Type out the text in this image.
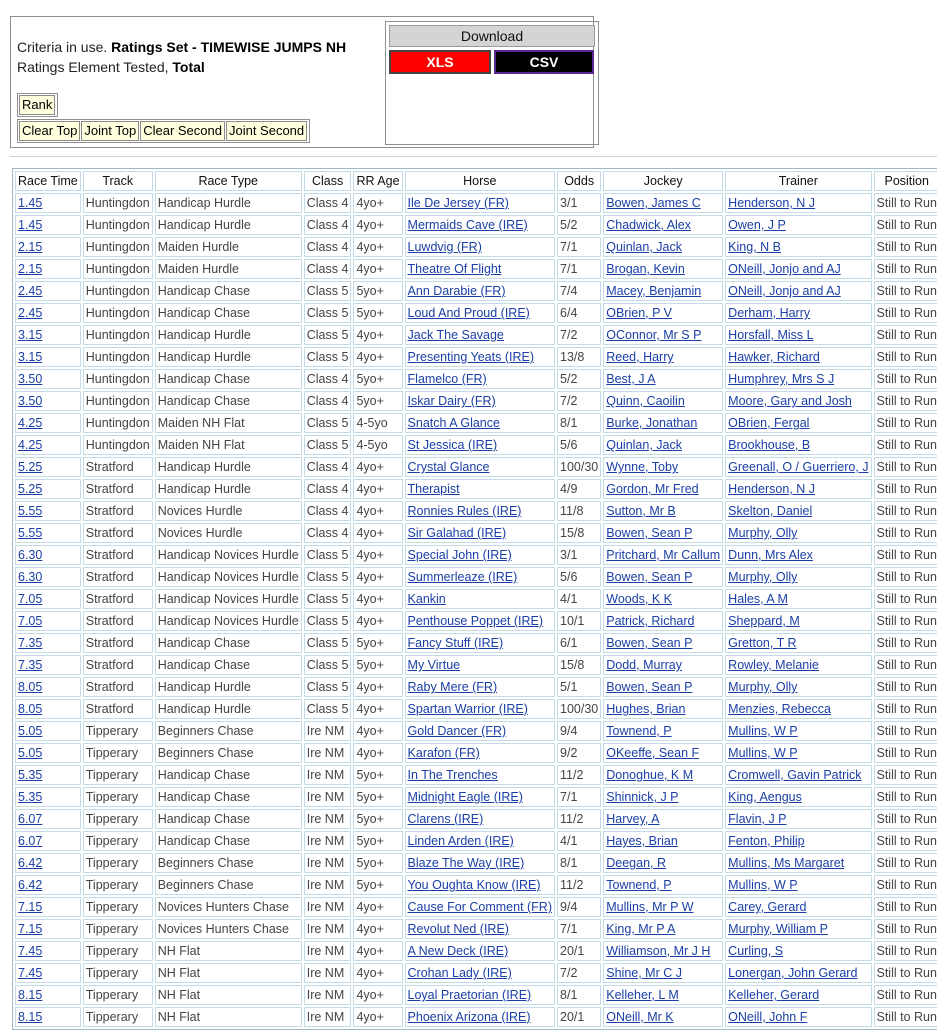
Criteria in use. Ratings Set - TIMEWISE JUMPS NH
Ratings Element Tested, Total
Rank
Clear Top Joint Top Clear Second Joint Second
Download
XLS	CSV
Race Time	Track	Race Type	Class	RR Age	Horse	Odds	Jockey	Trainer	Position
1.45	Huntingdon	Handicap Hurdle	Class 4	4yo+	Ile De Jersey (FR)	3/1	Bowen, James C	Henderson, N J	Still to Run
1.45	Huntingdon	Handicap Hurdle	Class 4	4yo+	Mermaids Cave (IRE)	5/2	Chadwick, Alex	Owen, J P	Still to Run
2.15	Huntingdon	Maiden Hurdle	Class 4	4yo+	Luwdvig (FR)	7/1	Quinlan, Jack	King, N B	Still to Run
2.15	Huntingdon	Maiden Hurdle	Class 4	4yo+	Theatre Of Flight	7/1	Brogan, Kevin	ONeill, Jonjo and AJ	Still to Run
2.45	Huntingdon	Handicap Chase	Class 5	5yo+	Ann Darabie (FR)	7/4	Macey, Benjamin	ONeill, Jonjo and AJ	Still to Run
2.45	Huntingdon	Handicap Chase	Class 5	5yo+	Loud And Proud (IRE)	6/4	OBrien, P V	Derham, Harry	Still to Run
3.15	Huntingdon	Handicap Hurdle	Class 5	4yo+	Jack The Savage	7/2	OConnor, Mr S P	Horsfall, Miss L	Still to Run
3.15	Huntingdon	Handicap Hurdle	Class 5	4yo+	Presenting Yeats (IRE)	13/8	Reed, Harry	Hawker, Richard	Still to Run
3.50	Huntingdon	Handicap Chase	Class 4	5yo+	Flamelco (FR)	5/2	Best, J A	Humphrey, Mrs S J	Still to Run
3.50	Huntingdon	Handicap Chase	Class 4	5yo+	Iskar Dairy (FR)	7/2	Quinn, Caoilin	Moore, Gary and Josh	Still to Run
4.25	Huntingdon	Maiden NH Flat	Class 5	4-5yo	Snatch A Glance	8/1	Burke, Jonathan	OBrien, Fergal	Still to Run
4.25	Huntingdon	Maiden NH Flat	Class 5	4-5yo	St Jessica (IRE)	5/6	Quinlan, Jack	Brookhouse, B	Still to Run
5.25	Stratford	Handicap Hurdle	Class 4	4yo+	Crystal Glance	100/30	Wynne, Toby	Greenall, O / Guerriero, J	Still to Run
5.25	Stratford	Handicap Hurdle	Class 4	4yo+	Therapist	4/9	Gordon, Mr Fred	Henderson, N J	Still to Run
5.55	Stratford	Novices Hurdle	Class 4	4yo+	Ronnies Rules (IRE)	11/8	Sutton, Mr B	Skelton, Daniel	Still to Run
5.55	Stratford	Novices Hurdle	Class 4	4yo+	Sir Galahad (IRE)	15/8	Bowen, Sean P	Murphy, Olly	Still to Run
6.30	Stratford	Handicap Novices Hurdle	Class 5	4yo+	Special John (IRE)	3/1	Pritchard, Mr Callum	Dunn, Mrs Alex	Still to Run
6.30	Stratford	Handicap Novices Hurdle	Class 5	4yo+	Summerleaze (IRE)	5/6	Bowen, Sean P	Murphy, Olly	Still to Run
7.05	Stratford	Handicap Novices Hurdle	Class 5	4yo+	Kankin	4/1	Woods, K K	Hales, A M	Still to Run
7.05	Stratford	Handicap Novices Hurdle	Class 5	4yo+	Penthouse Poppet (IRE)	10/1	Patrick, Richard	Sheppard, M	Still to Run
7.35	Stratford	Handicap Chase	Class 5	5yo+	Fancy Stuff (IRE)	6/1	Bowen, Sean P	Gretton, T R	Still to Run
7.35	Stratford	Handicap Chase	Class 5	5yo+	My Virtue	15/8	Dodd, Murray	Rowley, Melanie	Still to Run
8.05	Stratford	Handicap Hurdle	Class 5	4yo+	Raby Mere (FR)	5/1	Bowen, Sean P	Murphy, Olly	Still to Run
8.05	Stratford	Handicap Hurdle	Class 5	4yo+	Spartan Warrior (IRE)	100/30	Hughes, Brian	Menzies, Rebecca	Still to Run
5.05	Tipperary	Beginners Chase	Ire NM	4yo+	Gold Dancer (FR)	9/4	Townend, P	Mullins, W P	Still to Run
5.05	Tipperary	Beginners Chase	Ire NM	4yo+	Karafon (FR)	9/2	OKeeffe, Sean F	Mullins, W P	Still to Run
5.35	Tipperary	Handicap Chase	Ire NM	5yo+	In The Trenches	11/2	Donoghue, K M	Cromwell, Gavin Patrick	Still to Run
5.35	Tipperary	Handicap Chase	Ire NM	5yo+	Midnight Eagle (IRE)	7/1	Shinnick, J P	King, Aengus	Still to Run
6.07	Tipperary	Handicap Chase	Ire NM	5yo+	Clarens (IRE)	11/2	Harvey, A	Flavin, J P	Still to Run
6.07	Tipperary	Handicap Chase	Ire NM	5yo+	Linden Arden (IRE)	4/1	Hayes, Brian	Fenton, Philip	Still to Run
6.42	Tipperary	Beginners Chase	Ire NM	5yo+	Blaze The Way (IRE)	8/1	Deegan, R	Mullins, Ms Margaret	Still to Run
6.42	Tipperary	Beginners Chase	Ire NM	5yo+	You Oughta Know (IRE)	11/2	Townend, P	Mullins, W P	Still to Run
7.15	Tipperary	Novices Hunters Chase	Ire NM	4yo+	Cause For Comment (FR)	9/4	Mullins, Mr P W	Carey, Gerard	Still to Run
7.15	Tipperary	Novices Hunters Chase	Ire NM	4yo+	Revolut Ned (IRE)	7/1	King, Mr P A	Murphy, William P	Still to Run
7.45	Tipperary	NH Flat	Ire NM	4yo+	A New Deck (IRE)	20/1	Williamson, Mr J H	Curling, S	Still to Run
7.45	Tipperary	NH Flat	Ire NM	4yo+	Crohan Lady (IRE)	7/2	Shine, Mr C J	Lonergan, John Gerard	Still to Run
8.15	Tipperary	NH Flat	Ire NM	4yo+	Loyal Praetorian (IRE)	8/1	Kelleher, L M	Kelleher, Gerard	Still to Run
8.15	Tipperary	NH Flat	Ire NM	4yo+	Phoenix Arizona (IRE)	20/1	ONeill, Mr K	ONeill, John F	Still to Run
